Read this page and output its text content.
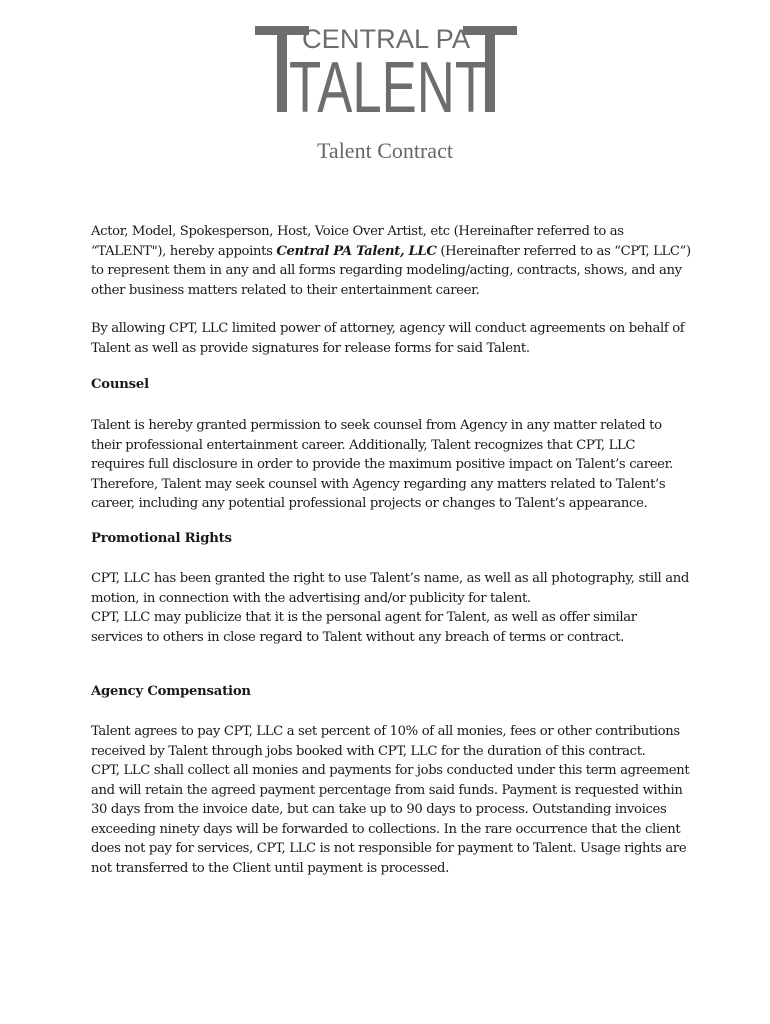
CENTRAL PA
TALENT
Talent Contract

Actor, Model, Spokesperson, Host, Voice Over Artist, etc (Hereinafter referred to as “TALENT"), hereby appoints Central PA Talent, LLC (Hereinafter referred to as “CPT, LLC”) to represent them in any and all forms regarding modeling/acting, contracts, shows, and any other business matters related to their entertainment career.

By allowing CPT, LLC limited power of attorney, agency will conduct agreements on behalf of Talent as well as provide signatures for release forms for said Talent.

Counsel

Talent is hereby granted permission to seek counsel from Agency in any matter related to their professional entertainment career. Additionally, Talent recognizes that CPT, LLC requires full disclosure in order to provide the maximum positive impact on Talent’s career. Therefore, Talent may seek counsel with Agency regarding any matters related to Talent’s career, including any potential professional projects or changes to Talent’s appearance.

Promotional Rights

CPT, LLC has been granted the right to use Talent’s name, as well as all photography, still and motion, in connection with the advertising and/or publicity for talent.

CPT, LLC may publicize that it is the personal agent for Talent, as well as offer similar services to others in close regard to Talent without any breach of terms or contract.

Agency Compensation

Talent agrees to pay CPT, LLC a set percent of 10% of all monies, fees or other contributions received by Talent through jobs booked with CPT, LLC for the duration of this contract.

CPT, LLC shall collect all monies and payments for jobs conducted under this term agreement and will retain the agreed payment percentage from said funds. Payment is requested within 30 days from the invoice date, but can take up to 90 days to process. Outstanding invoices exceeding ninety days will be forwarded to collections. In the rare occurrence that the client does not pay for services, CPT, LLC is not responsible for payment to Talent. Usage rights are not transferred to the Client until payment is processed.
